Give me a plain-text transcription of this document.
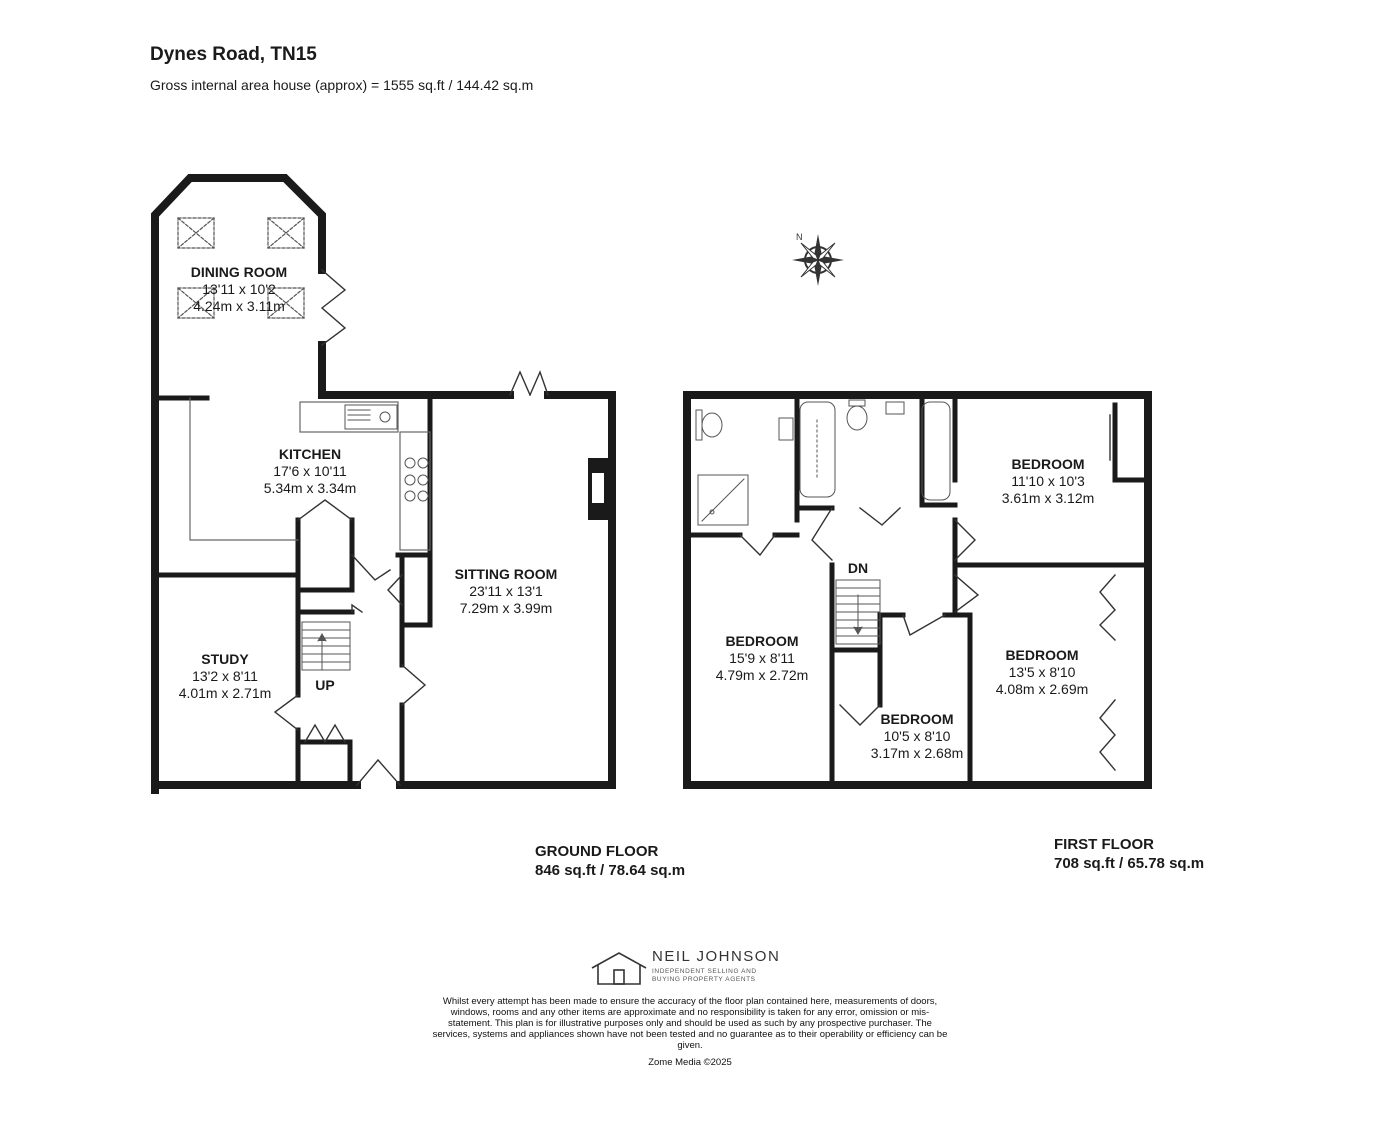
Dynes Road, TN15
Gross internal area house (approx) = 1555 sq.ft / 144.42 sq.m
N
DINING ROOM
13'11 x 10'2
4.24m x 3.11m
KITCHEN
17'6 x 10'11
5.34m x 3.34m
SITTING ROOM
23'11 x 13'1
7.29m x 3.99m
STUDY
13'2 x 8'11
4.01m x 2.71m	UP
BEDROOM
11'10 x 10'3
3.61m x 3.12m
BEDROOM
15'9 x 8'11
4.79m x 2.72m
BEDROOM
13'5 x 8'10
4.08m x 2.69m
BEDROOM
10'5 x 8'10
3.17m x 2.68m
DN
GROUND FLOOR
846 sq.ft / 78.64 sq.m
FIRST FLOOR
708 sq.ft / 65.78 sq.m
NEIL JOHNSON
INDEPENDENT SELLING AND BUYING PROPERTY AGENTS
Whilst every attempt has been made to ensure the accuracy of the floor plan contained here, measurements of doors, windows, rooms and any other items are approximate and no responsibility is taken for any error, omission or mis-statement. This plan is for illustrative purposes only and should be used as such by any prospective purchaser. The services, systems and appliances shown have not been tested and no guarantee as to their operability or efficiency can be given.
Zome Media ©2025
